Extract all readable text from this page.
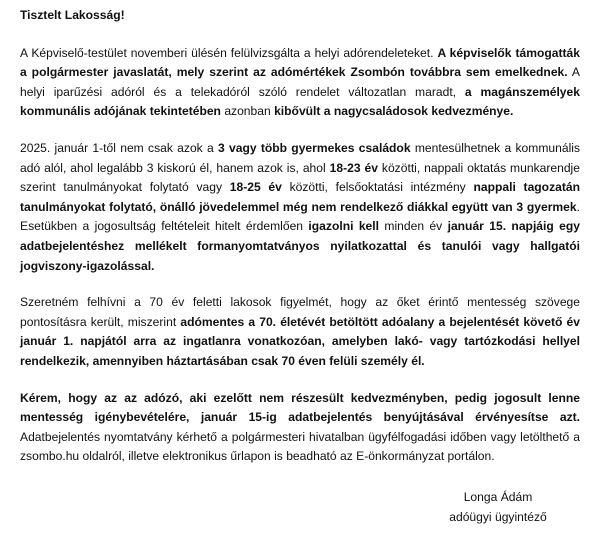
Tisztelt Lakosság!

A Képviselő-testület novemberi ülésén felülvizsgálta a helyi adórendeleteket. A képviselők támogatták a polgármester javaslatát, mely szerint az adómértékek Zsombón továbbra sem emelkednek. A helyi iparűzési adóról és a telekadóról szóló rendelet változatlan maradt, a magánszemélyek kommunális adójának tekintetében azonban kibővült a nagycsaládosok kedvezménye.

2025. január 1-től nem csak azok a 3 vagy több gyermekes családok mentesülhetnek a kommunális adó alól, ahol legalább 3 kiskorú él, hanem azok is, ahol 18-23 év közötti, nappali oktatás munkarendje szerint tanulmányokat folytató vagy 18-25 év közötti, felsőoktatási intézmény nappali tagozatán tanulmányokat folytató, önálló jövedelemmel még nem rendelkező diákkal együtt van 3 gyermek. Esetükben a jogosultság feltételeit hitelt érdemlően igazolni kell minden év január 15. napjáig egy adatbejelentéshez mellékelt formanyomtatványos nyilatkozattal és tanulói vagy hallgatói jogviszony-igazolással.

Szeretném felhívni a 70 év feletti lakosok figyelmét, hogy az őket érintő mentesség szövege pontosításra került, miszerint adómentes a 70. életévét betöltött adóalany a bejelentését követő év január 1. napjától arra az ingatlanra vonatkozóan, amelyben lakó- vagy tartózkodási hellyel rendelkezik, amennyiben háztartásában csak 70 éven felüli személy él.

Kérem, hogy az az adózó, aki ezelőtt nem részesült kedvezményben, pedig jogosult lenne mentesség igénybevételére, január 15-ig adatbejelentés benyújtásával érvényesítse azt. Adatbejelentés nyomtatvány kérhető a polgármesteri hivatalban ügyfélfogadási időben vagy letölthető a zsombo.hu oldalról, illetve elektronikus űrlapon is beadható az E-önkormányzat portálon.

Longa Ádám
adóügyi ügyintéző
